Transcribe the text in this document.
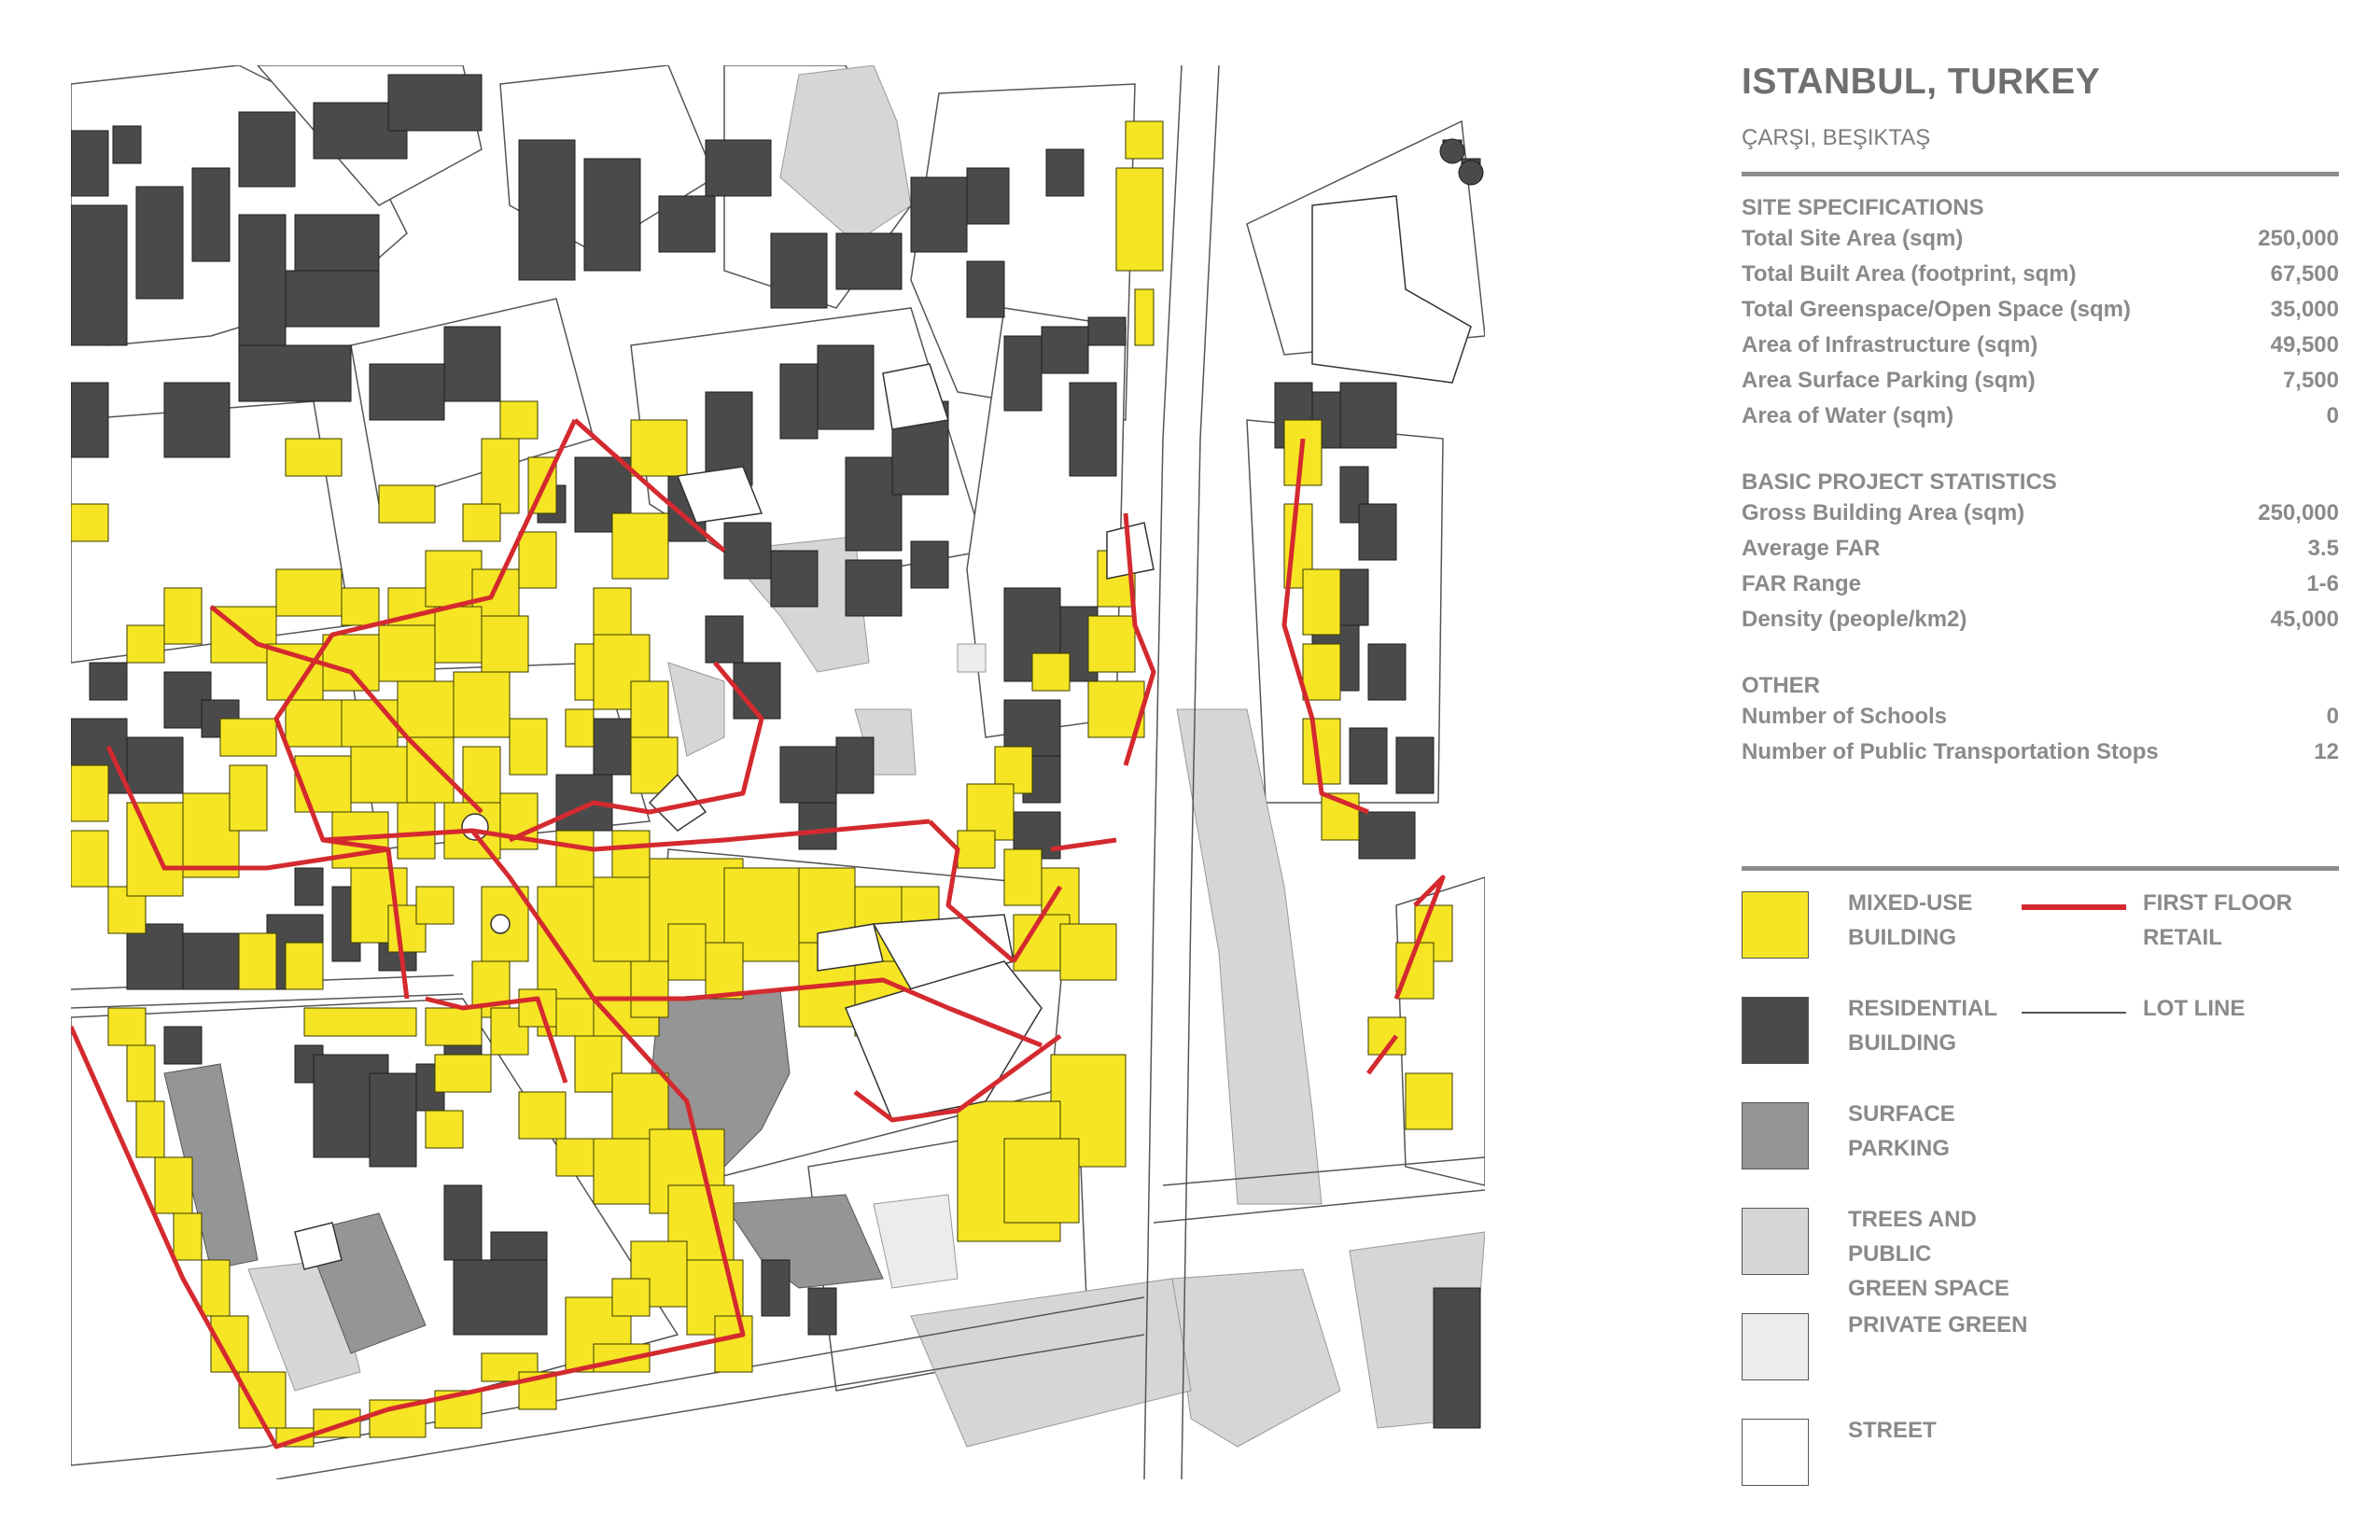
ISTANBUL, TURKEY
ÇARŞI, BEŞIKTAŞ
SITE SPECIFICATIONS
Total Site Area (sqm)	250,000
Total Built Area (footprint, sqm)	67,500
Total Greenspace/Open Space (sqm)	35,000
Area of Infrastructure (sqm)	49,500
Area Surface Parking (sqm)	7,500
Area of Water (sqm)	0
BASIC PROJECT STATISTICS
Gross Building Area (sqm)	250,000
Average FAR	3.5
FAR Range	1-6
Density (people/km2)	45,000
OTHER
Number of Schools	0
Number of Public Transportation Stops	12
MIXED-USE
BUILDING
RESIDENTIAL
BUILDING
SURFACE PARKING
TREES AND PUBLIC
GREEN SPACE
PRIVATE GREEN
STREET
FIRST FLOOR
RETAIL
LOT LINE
